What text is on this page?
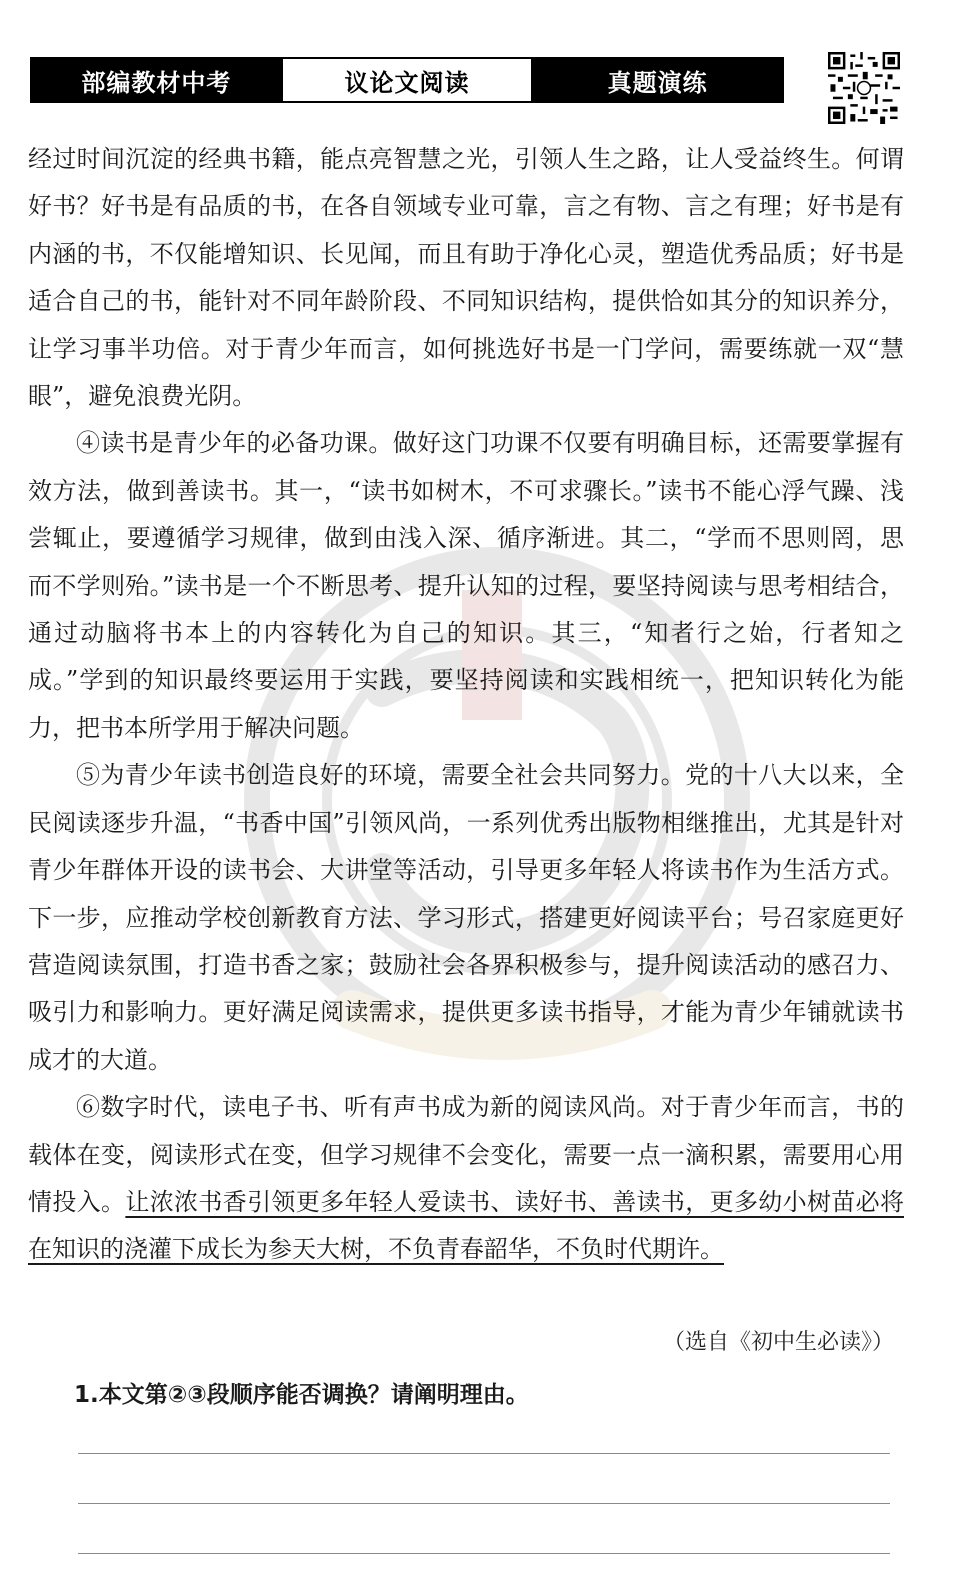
部编教材中考	议论文阅读	真题演练

经过时间沉淀的经典书籍，能点亮智慧之光，引领人生之路，让人受益终生。何谓好书？好书是有品质的书，在各自领域专业可靠，言之有物、言之有理；好书是有内涵的书，不仅能增知识、长见闻，而且有助于净化心灵，塑造优秀品质；好书是适合自己的书，能针对不同年龄阶段、不同知识结构，提供恰如其分的知识养分，让学习事半功倍。对于青少年而言，如何挑选好书是一门学问，需要练就一双“慧眼”，避免浪费光阴。

④读书是青少年的必备功课。做好这门功课不仅要有明确目标，还需要掌握有效方法，做到善读书。其一，“读书如树木，不可求骤长。”读书不能心浮气躁、浅尝辄止，要遵循学习规律，做到由浅入深、循序渐进。其二，“学而不思则罔，思而不学则殆。”读书是一个不断思考、提升认知的过程，要坚持阅读与思考相结合，通过动脑将书本上的内容转化为自己的知识。其三，“知者行之始，行者知之成。”学到的知识最终要运用于实践，要坚持阅读和实践相统一，把知识转化为能力，把书本所学用于解决问题。

⑤为青少年读书创造良好的环境，需要全社会共同努力。党的十八大以来，全民阅读逐步升温，“书香中国”引领风尚，一系列优秀出版物相继推出，尤其是针对青少年群体开设的读书会、大讲堂等活动，引导更多年轻人将读书作为生活方式。下一步，应推动学校创新教育方法、学习形式，搭建更好阅读平台；号召家庭更好营造阅读氛围，打造书香之家；鼓励社会各界积极参与，提升阅读活动的感召力、吸引力和影响力。更好满足阅读需求，提供更多读书指导，才能为青少年铺就读书成才的大道。

⑥数字时代，读电子书、听有声书成为新的阅读风尚。对于青少年而言，书的载体在变，阅读形式在变，但学习规律不会变化，需要一点一滴积累，需要用心用情投入。让浓浓书香引领更多年轻人爱读书、读好书、善读书，更多幼小树苗必将在知识的浇灌下成长为参天大树，不负青春韶华，不负时代期许。

（选自《初中生必读》）
1.本文第②③段顺序能否调换？请阐明理由。
